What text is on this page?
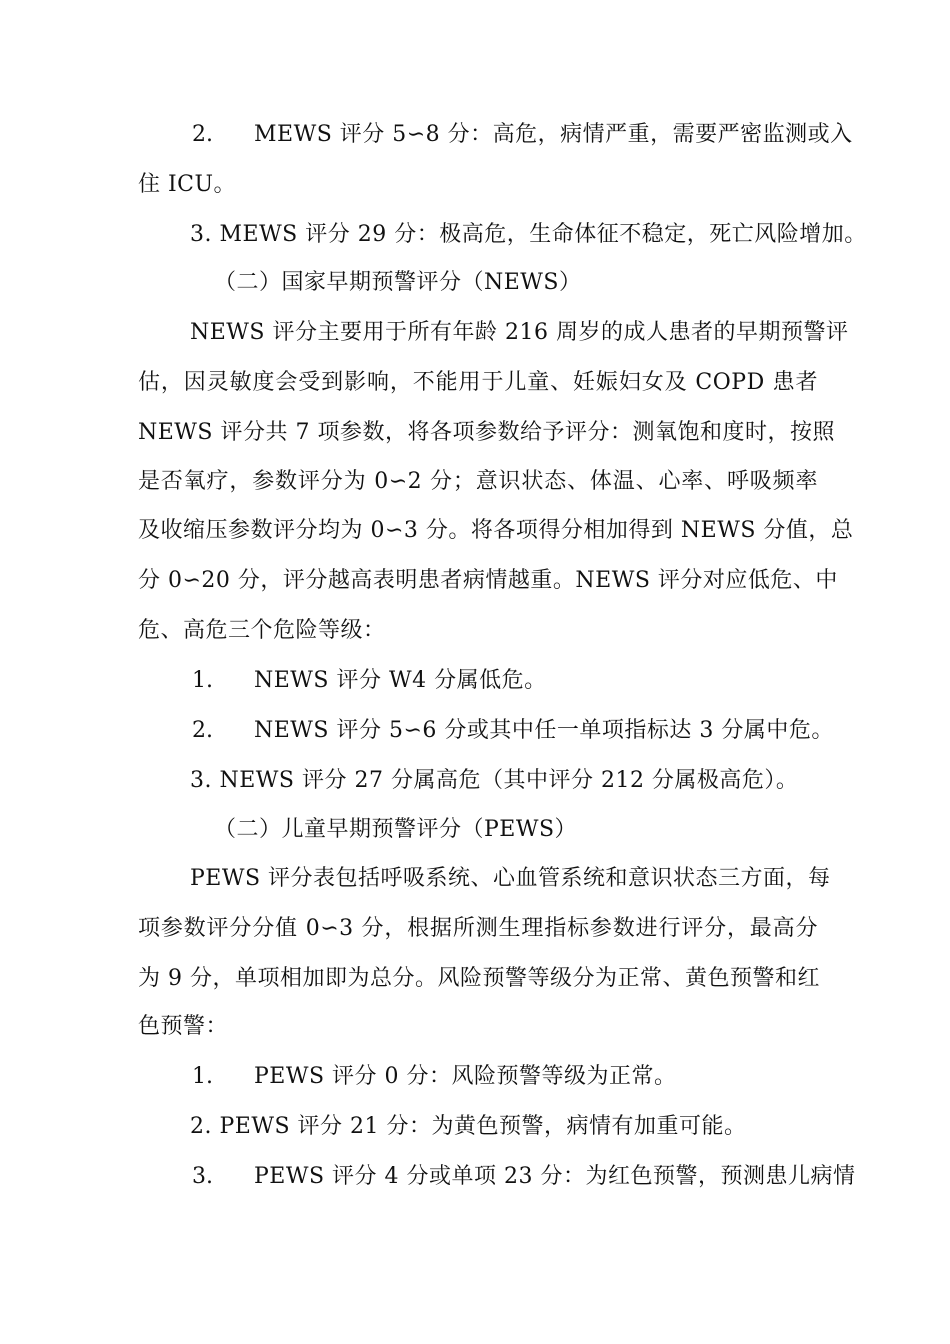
2. MEWS 评分 5∽8 分：高危，病情严重，需要严密监测或入
住 ICU。
3. MEWS 评分 29 分：极高危，生命体征不稳定，死亡风险增加。
（二）国家早期预警评分（NEWS）
NEWS 评分主要用于所有年龄 216 周岁的成人患者的早期预警评
估，因灵敏度会受到影响，不能用于儿童、妊娠妇女及 COPD 患者
NEWS 评分共 7 项参数，将各项参数给予评分：测氧饱和度时，按照
是否氧疗，参数评分为 0∽2 分；意识状态、体温、心率、呼吸频率
及收缩压参数评分均为 0∽3 分。将各项得分相加得到 NEWS 分值，总
分 0∽20 分，评分越高表明患者病情越重。NEWS 评分对应低危、中
危、高危三个危险等级：
1. NEWS 评分 W4 分属低危。
2. NEWS 评分 5∽6 分或其中任一单项指标达 3 分属中危。
3. NEWS 评分 27 分属高危（其中评分 212 分属极高危）。
（二）儿童早期预警评分（PEWS）
PEWS 评分表包括呼吸系统、心血管系统和意识状态三方面，每
项参数评分分值 0∽3 分，根据所测生理指标参数进行评分，最高分
为 9 分，单项相加即为总分。风险预警等级分为正常、黄色预警和红
色预警：
1. PEWS 评分 0 分：风险预警等级为正常。
2. PEWS 评分 21 分：为黄色预警，病情有加重可能。
3. PEWS 评分 4 分或单项 23 分：为红色预警，预测患儿病情
